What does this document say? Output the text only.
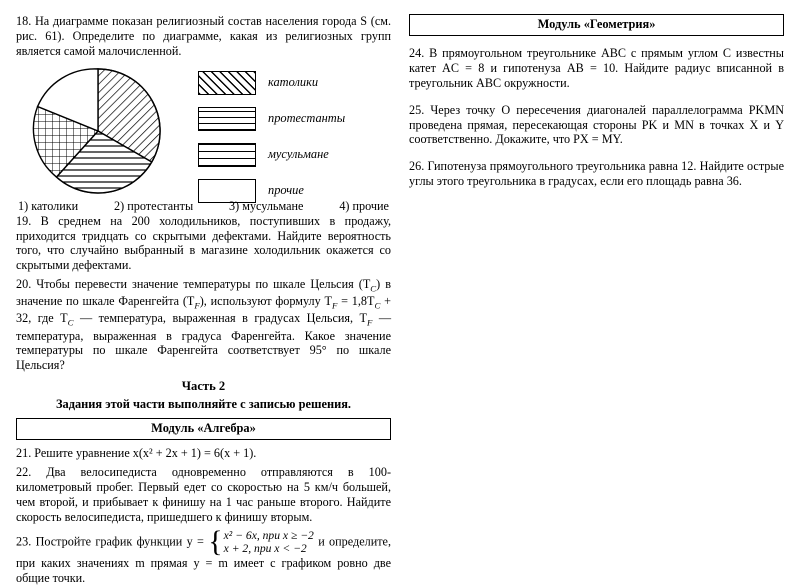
18. На диаграмме показан религиозный состав населения города S (см. рис. 61). Определите по диаграмме, какая из религиозных групп является самой малочисленной.

католики
протестанты
мусульмане
прочие
1) католики	2) протестанты	3) мусульмане	4) прочие

19. В среднем на 200 холодильников, поступивших в продажу, приходится тридцать со скрытыми дефектами. Найдите вероятность того, что случайно выбранный в магазине холодильник окажется со скрытыми дефектами.

20. Чтобы перевести значение температуры по шкале Цельсия $(T_C)$ в значение по шкале Фаренгейта $(T_F)$, используют формулу $T_F = 1,8T_C + 32$, где $T_C$ — температура, выраженная в градусах Цельсия, $T_F$ — температура, выраженная в градуса Фаренгейта. Какое значение температуры по шкале Фаренгейта соответствует 95° по шкале Цельсия?

Часть 2

Задания этой части выполняйте с записью решения.

Модуль «Алгебра»

21. Решите уравнение x(x² + 2x + 1) = 6(x + 1).

22. Два велосипедиста одновременно отправляются в 100-километровый пробег. Первый едет со скоростью на 5 км/ч большей, чем второй, и прибывает к финишу на 1 час раньше второго. Найдите скорость велосипедиста, пришедшего к финишу вторым.

23. Постройте график функции y = { x² − 6x, при x ≥ −2
x + 2, при x < −2
и определите, при каких значениях m прямая y = m имеет с графиком ровно две общие точки.

Модуль «Геометрия»

24. В прямоугольном треугольнике ABC с прямым углом C известны катет AC = 8 и гипотенуза AB = 10. Найдите радиус вписанной в треугольник ABC окружности.

25. Через точку O пересечения диагоналей параллелограмма PKMN проведена прямая, пересекающая стороны PK и MN в точках X и Y соответственно. Докажите, что PX = MY.

26. Гипотенуза прямоугольного треугольника равна 12. Найдите острые углы этого треугольника в градусах, если его площадь равна 36.
